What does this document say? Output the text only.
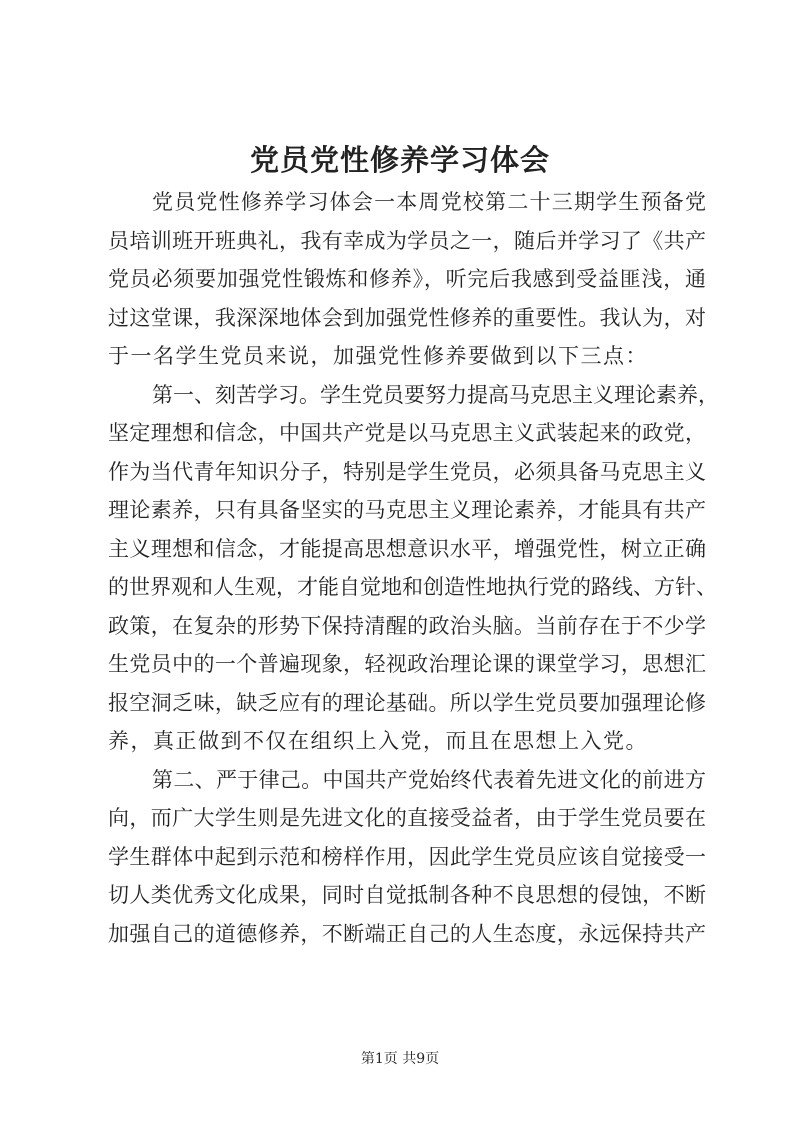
党员党性修养学习体会
党员党性修养学习体会一本周党校第二十三期学生预备党
员培训班开班典礼，我有幸成为学员之一，随后并学习了《共产
党员必须要加强党性锻炼和修养》，听完后我感到受益匪浅，通
过这堂课，我深深地体会到加强党性修养的重要性。我认为，对
于一名学生党员来说，加强党性修养要做到以下三点：
第一、刻苦学习。学生党员要努力提高马克思主义理论素养，
坚定理想和信念，中国共产党是以马克思主义武装起来的政党，
作为当代青年知识分子，特别是学生党员，必须具备马克思主义
理论素养，只有具备坚实的马克思主义理论素养，才能具有共产
主义理想和信念，才能提高思想意识水平，增强党性，树立正确
的世界观和人生观，才能自觉地和创造性地执行党的路线、方针、
政策，在复杂的形势下保持清醒的政治头脑。当前存在于不少学
生党员中的一个普遍现象，轻视政治理论课的课堂学习，思想汇
报空洞乏味，缺乏应有的理论基础。所以学生党员要加强理论修
养，真正做到不仅在组织上入党，而且在思想上入党。
第二、严于律己。中国共产党始终代表着先进文化的前进方
向，而广大学生则是先进文化的直接受益者，由于学生党员要在
学生群体中起到示范和榜样作用，因此学生党员应该自觉接受一
切人类优秀文化成果，同时自觉抵制各种不良思想的侵蚀，不断
加强自己的道德修养，不断端正自己的人生态度，永远保持共产
第1页 共9页
